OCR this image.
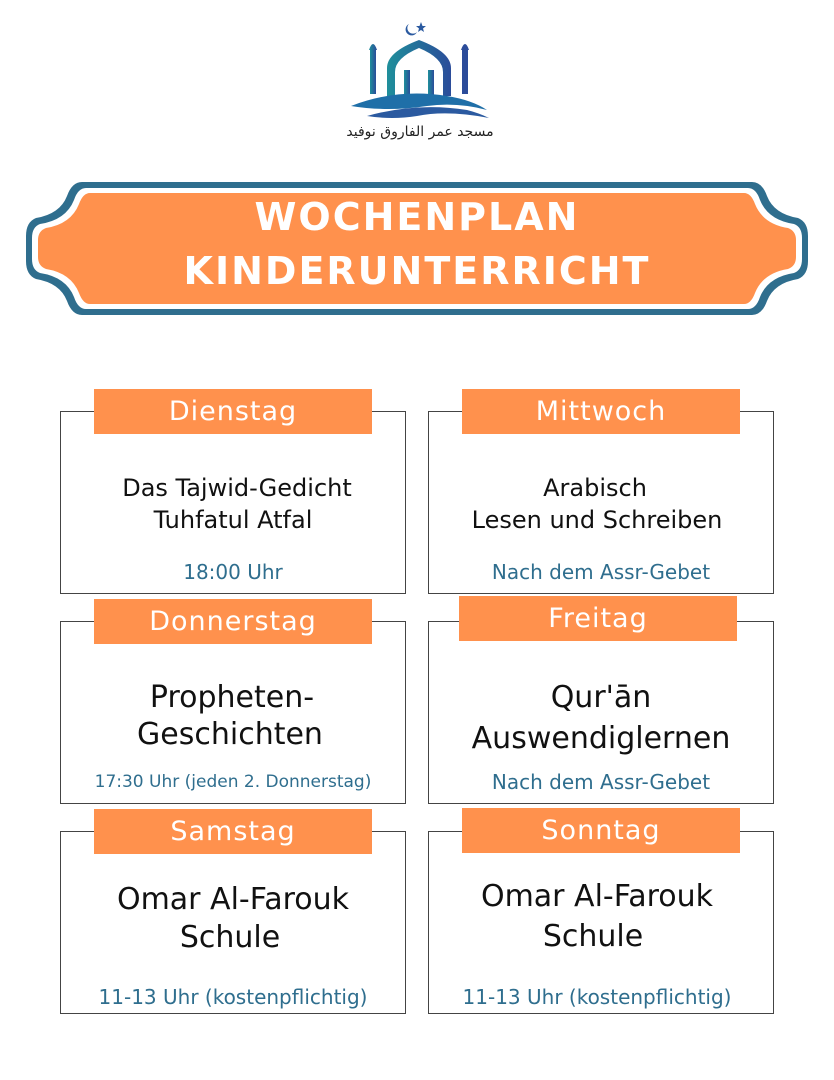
مسجد عمر الفاروق نوفيد
WOCHENPLAN
KINDERUNTERRICHT
Dienstag
Das Tajwid-Gedicht
Tuhfatul Atfal
18:00 Uhr
Mittwoch
Arabisch
Lesen und Schreiben
Nach dem Assr-Gebet
Donnerstag
Propheten-
Geschichten
17:30 Uhr (jeden 2. Donnerstag)
Freitag
Qur'ān
Auswendiglernen
Nach dem Assr-Gebet
Samstag
Omar Al-Farouk
Schule
11-13 Uhr (kostenpflichtig)
Sonntag
Omar Al-Farouk
Schule
11-13 Uhr (kostenpflichtig)
